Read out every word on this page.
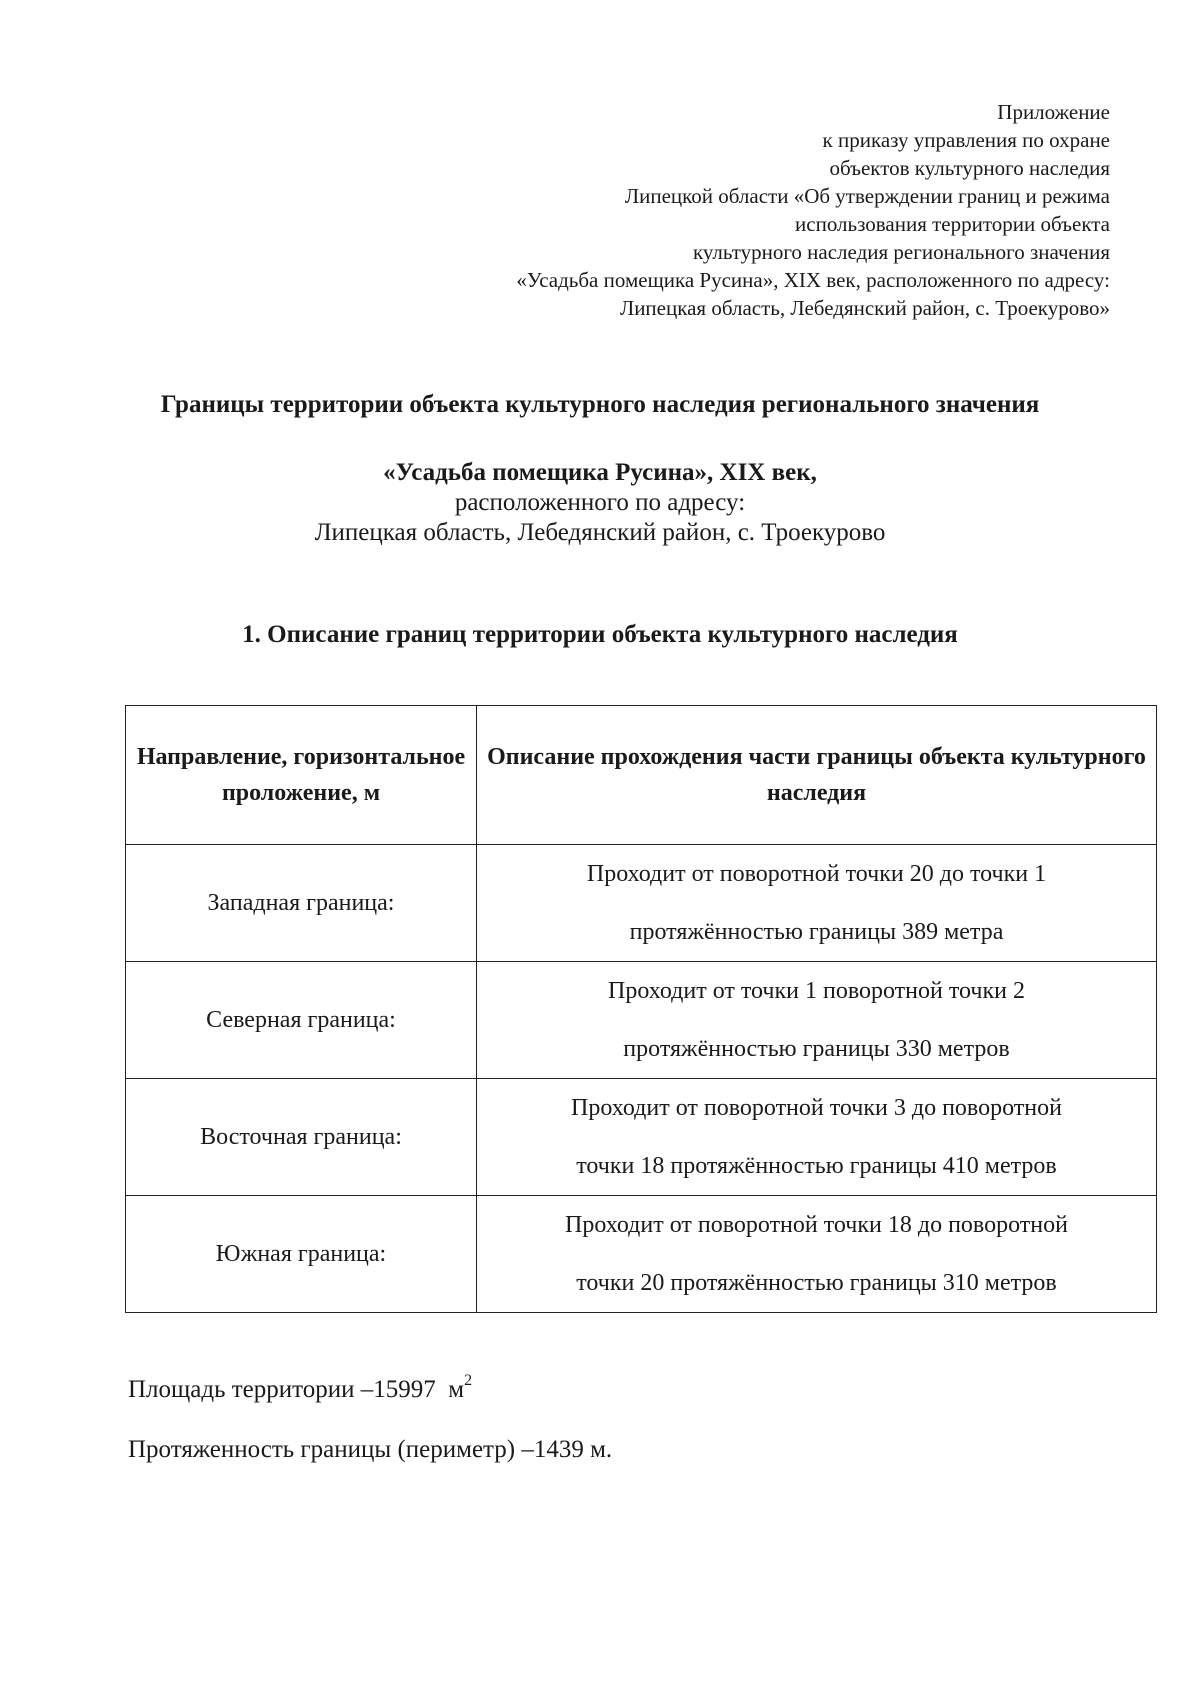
Приложение
к приказу управления по охране
объектов культурного наследия
Липецкой области «Об утверждении границ и режима
использования территории объекта
культурного наследия регионального значения
«Усадьба помещика Русина», XIX век, расположенного по адресу:
Липецкая область, Лебедянский район, с. Троекурово»
Границы территории объекта культурного наследия регионального значения
«Усадьба помещика Русина», XIX век,
расположенного по адресу:
Липецкая область, Лебедянский район, с. Троекурово
1. Описание границ территории объекта культурного наследия
Направление, горизонтальное проложение, м	Описание прохождения части границы объекта культурного наследия
Западная граница:	Проходит от поворотной точки 20 до точки 1
протяжённостью границы 389 метра

Северная граница:	Проходит от точки 1 поворотной точки 2
протяжённостью границы 330 метров

Восточная граница:	Проходит от поворотной точки 3 до поворотной
точки 18 протяжённостью границы 410 метров

Южная граница:	Проходит от поворотной точки 18 до поворотной
точки 20 протяжённостью границы 310 метров
Площадь территории –15997 $м^2$
Протяженность границы (периметр) –1439 м.
